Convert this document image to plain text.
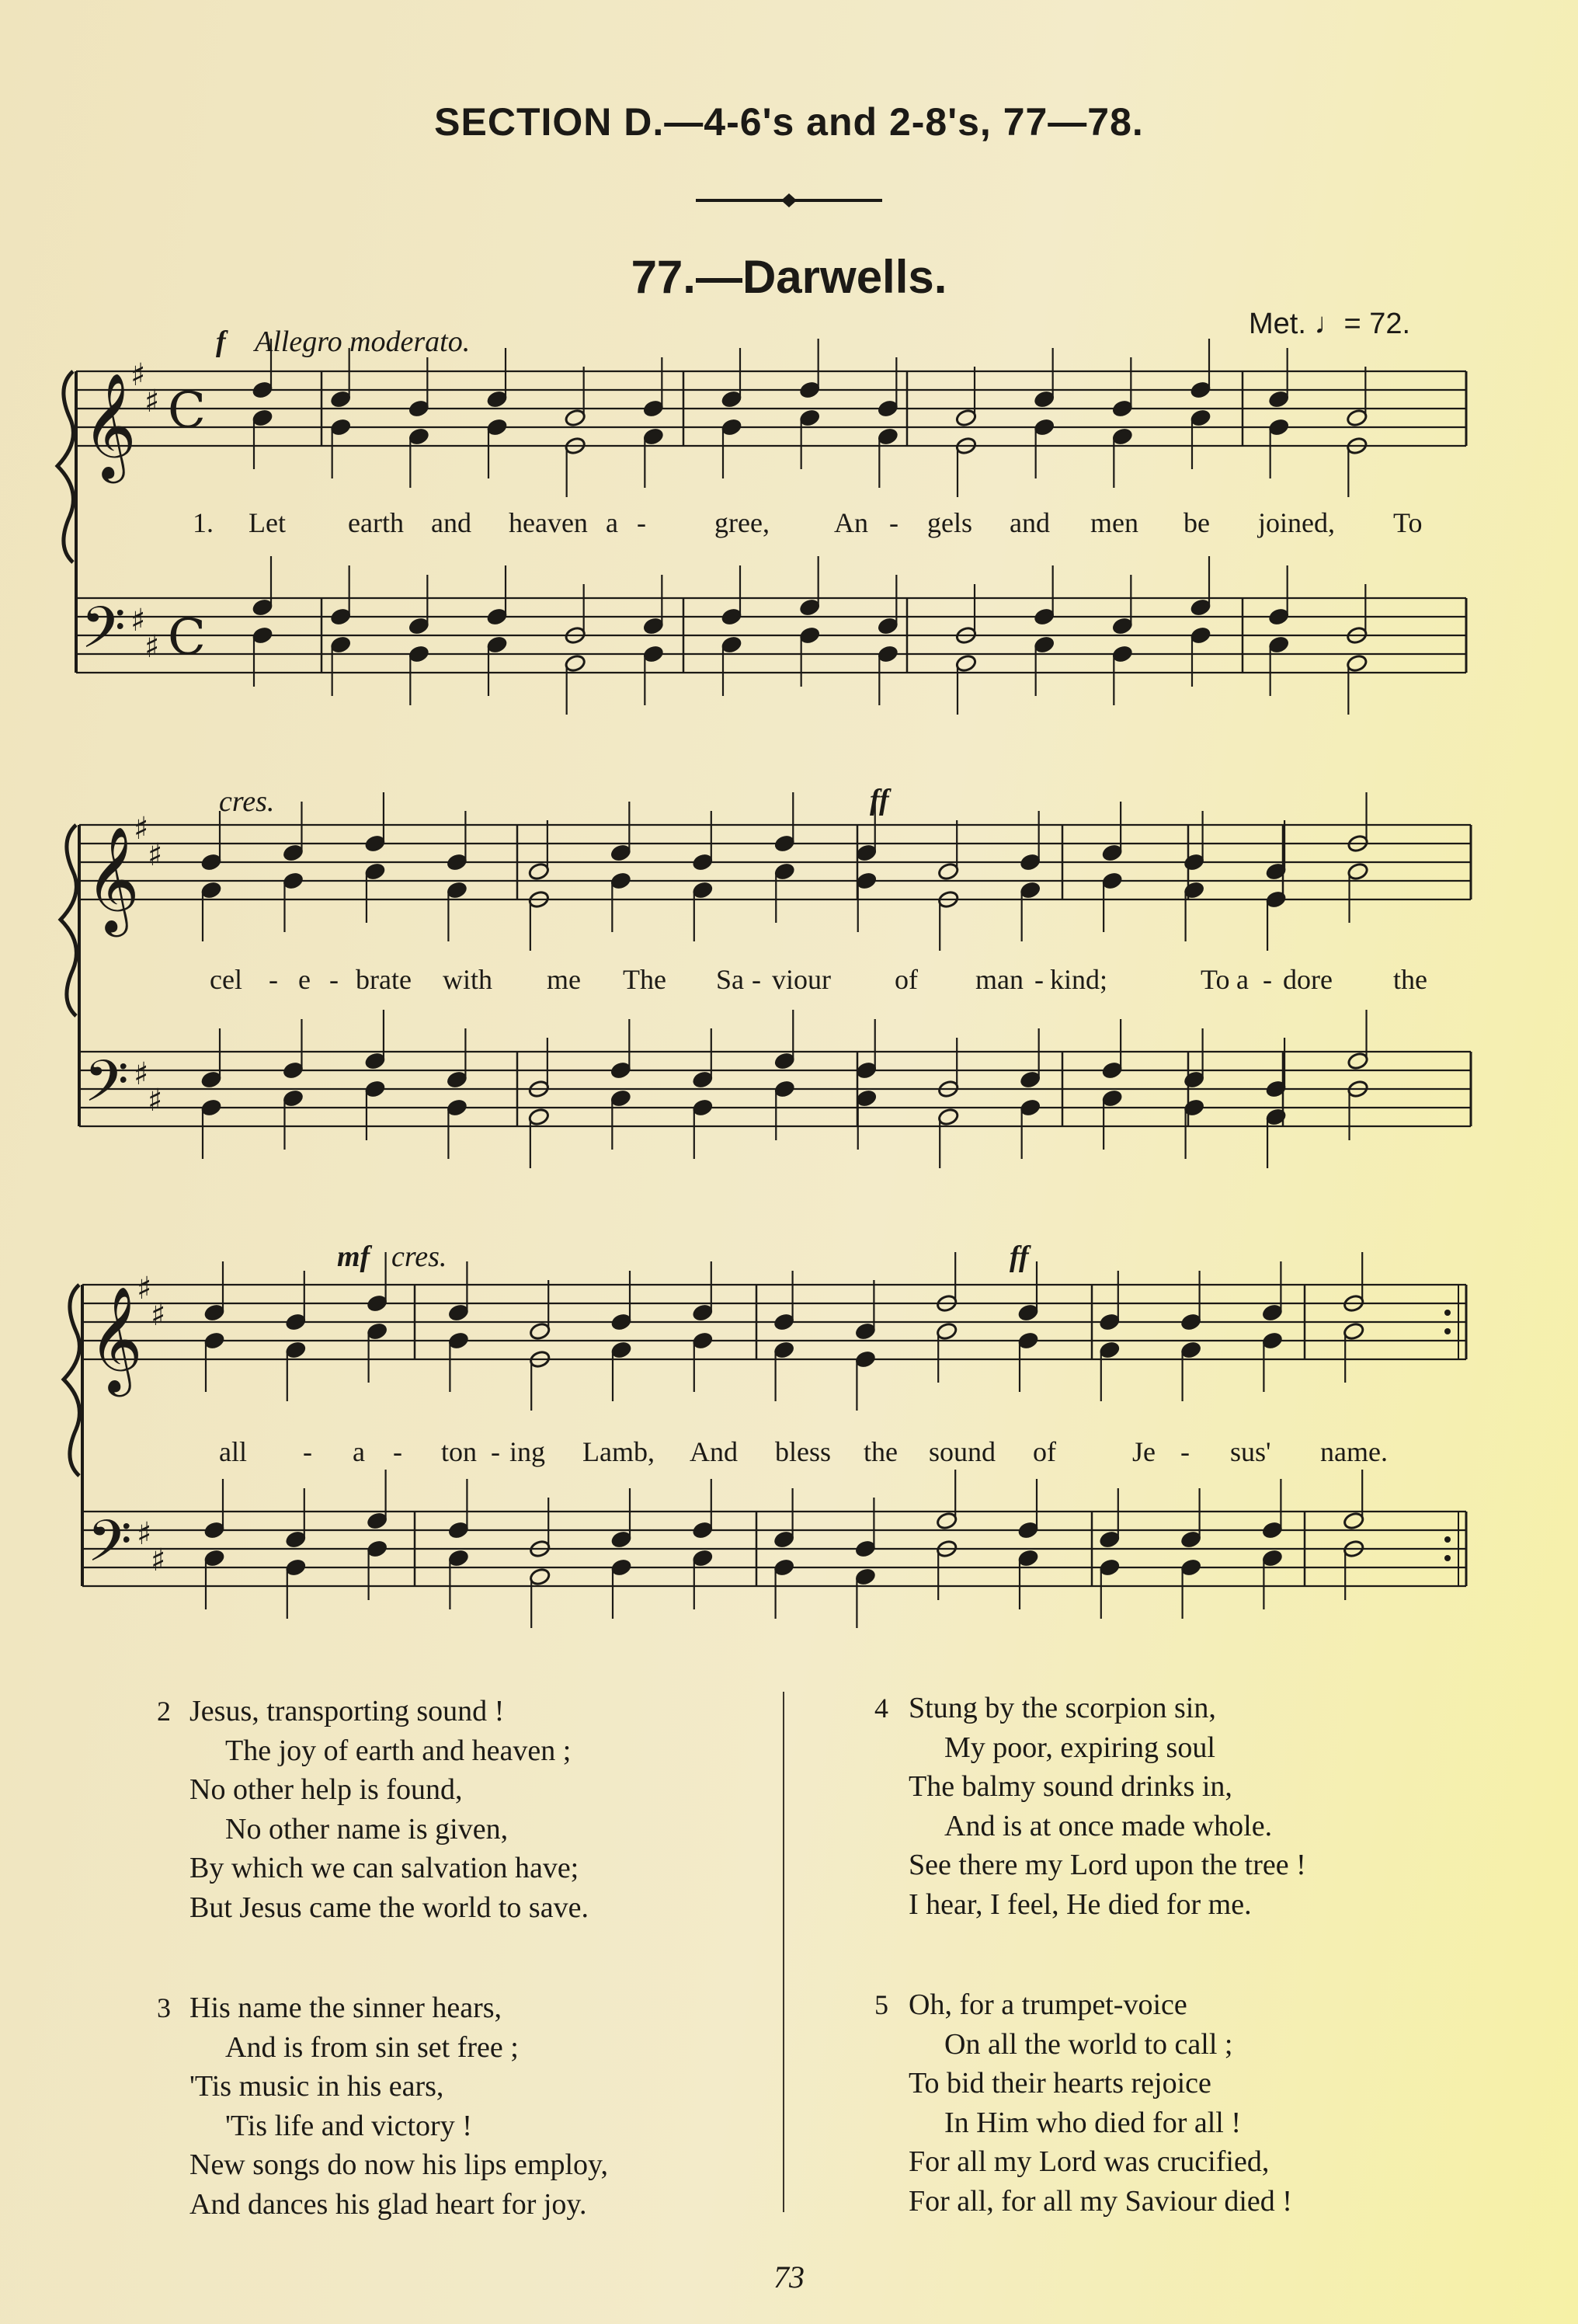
SECTION D.—4-6's and 2-8's, 77—78.
77.—Darwells.
f Allegro moderato.
Met. ♩= 72.
cres.	ff
mf cres.	ff
𝄞
𝄢
♯
♯
♯
♯
C
C
𝄞
𝄢
♯
♯
♯
♯
𝄞
𝄢
♯
♯
♯
♯
1. Let earth and heaven a - gree, An - gels and men be joined, To
cel - e - brate with me The Sa - viour of man - kind;	To a - dore the
all - a - ton - ing Lamb, And bless the sound of	Je - sus' name.
2 Jesus, transporting sound !
The joy of earth and heaven ;
No other help is found,
No other name is given,
By which we can salvation have;
But Jesus came the world to save.
3 His name the sinner hears,
And is from sin set free ;
'Tis music in his ears,
'Tis life and victory !
New songs do now his lips employ,
And dances his glad heart for joy.
4 Stung by the scorpion sin,
My poor, expiring soul
The balmy sound drinks in,
And is at once made whole.
See there my Lord upon the tree !
I hear, I feel, He died for me.
5 Oh, for a trumpet-voice
On all the world to call ;
To bid their hearts rejoice
In Him who died for all !
For all my Lord was crucified,
For all, for all my Saviour died !
73
